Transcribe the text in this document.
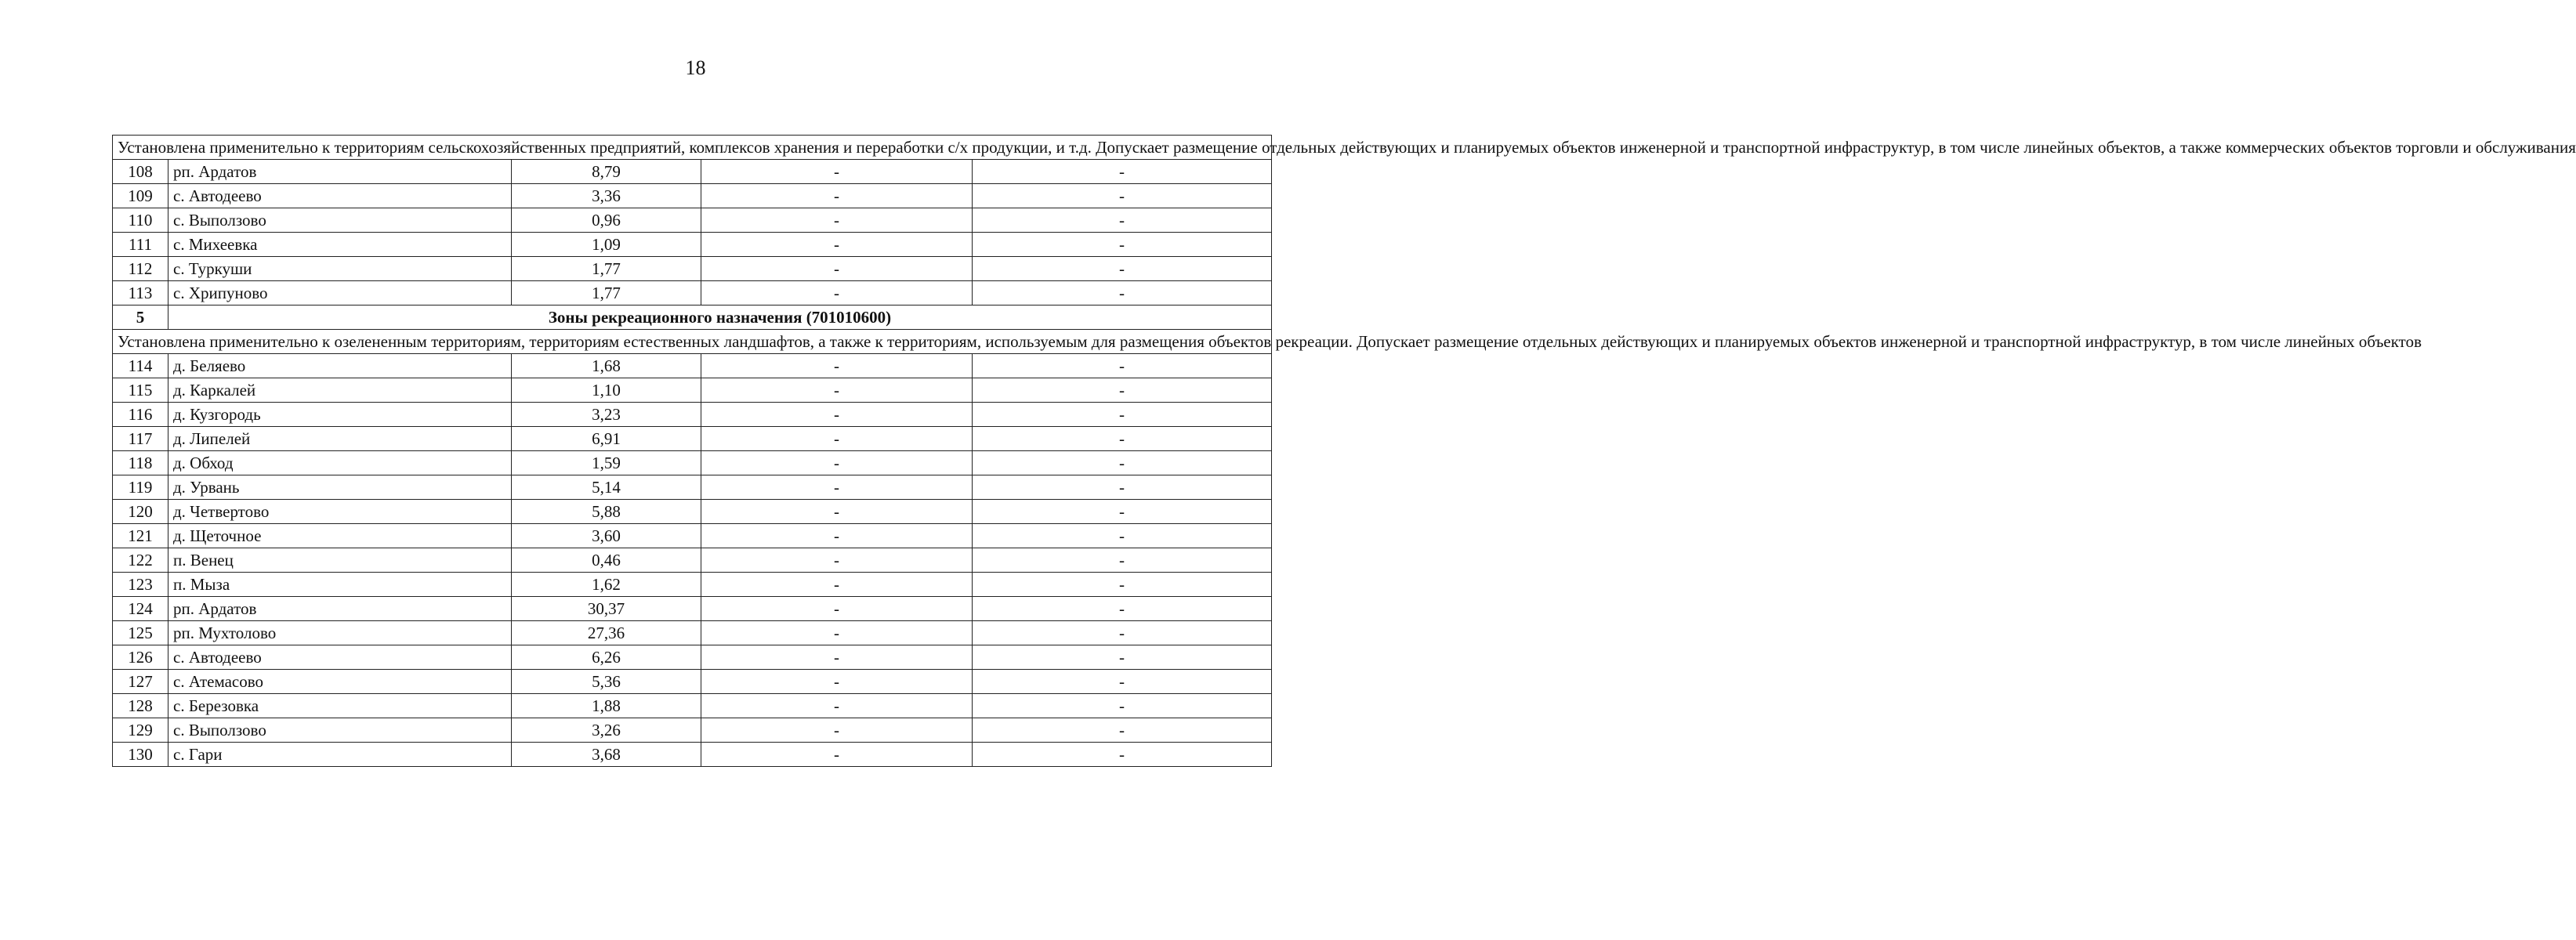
18
Установлена применительно к территориям сельскохозяйственных предприятий, комплексов хранения и переработки с/х продукции, и т.д. Допускает размещение отдельных действующих и планируемых объектов инженерной и транспортной инфраструктур, в том числе линейных объектов, а также коммерческих объектов торговли и обслуживания				
108	рп. Ардатов	8,79	-	-
109	с. Автодеево	3,36	-	-
110	с. Выползово	0,96	-	-
111	с. Михеевка	1,09	-	-
112	с. Туркуши	1,77	-	-
113	с. Хрипуново	1,77	-	-
5	Зоны рекреационного назначения (701010600)			
Установлена применительно к озелененным территориям, территориям естественных ландшафтов, а также к территориям, используемым для размещения объектов рекреации. Допускает размещение отдельных действующих и планируемых объектов инженерной и транспортной инфраструктур, в том числе линейных объектов				
114	д. Беляево	1,68	-	-
115	д. Каркалей	1,10	-	-
116	д. Кузгородь	3,23	-	-
117	д. Липелей	6,91	-	-
118	д. Обход	1,59	-	-
119	д. Урвань	5,14	-	-
120	д. Четвертово	5,88	-	-
121	д. Щеточное	3,60	-	-
122	п. Венец	0,46	-	-
123	п. Мыза	1,62	-	-
124	рп. Ардатов	30,37	-	-
125	рп. Мухтолово	27,36	-	-
126	с. Автодеево	6,26	-	-
127	с. Атемасово	5,36	-	-
128	с. Березовка	1,88	-	-
129	с. Выползово	3,26	-	-
130	с. Гари	3,68	-	-
